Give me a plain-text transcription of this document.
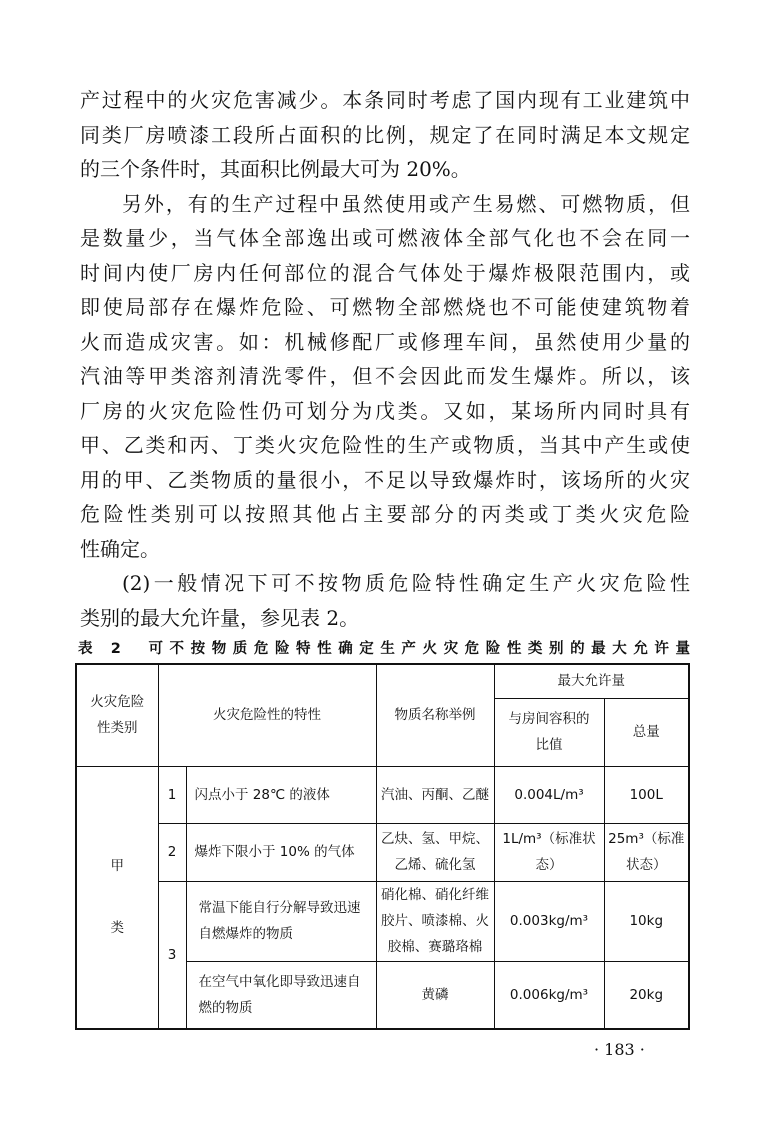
产过程中的火灾危害减少。本条同时考虑了国内现有工业建筑中
同类厂房喷漆工段所占面积的比例，规定了在同时满足本文规定
的三个条件时，其面积比例最大可为 20%。
另外，有的生产过程中虽然使用或产生易燃、可燃物质，但
是数量少，当气体全部逸出或可燃液体全部气化也不会在同一
时间内使厂房内任何部位的混合气体处于爆炸极限范围内，或
即使局部存在爆炸危险、可燃物全部燃烧也不可能使建筑物着
火而造成灾害。如：机械修配厂或修理车间，虽然使用少量的
汽油等甲类溶剂清洗零件，但不会因此而发生爆炸。所以，该
厂房的火灾危险性仍可划分为戊类。又如，某场所内同时具有
甲、乙类和丙、丁类火灾危险性的生产或物质，当其中产生或使
用的甲、乙类物质的量很小，不足以导致爆炸时，该场所的火灾
危险性类别可以按照其他占主要部分的丙类或丁类火灾危险
性确定。
(2)一般情况下可不按物质危险特性确定生产火灾危险性
类别的最大允许量，参见表 2。
表 2　可不按物质危险特性确定生产火灾危险性类别的最大允许量
火灾危险性类别	火灾危险性的特性		物质名称举例	最大允许量	
				与房间容积的比值	总量

甲
类	1	闪点小于 28℃ 的液体	汽油、丙酮、乙醚	0.004L/m³	100L
	2	爆炸下限小于 10% 的气体	乙炔、氢、甲烷、乙烯、硫化氢	1L/m³（标准状态）	25m³（标准状态）
	3	常温下能自行分解导致迅速自燃爆炸的物质	硝化棉、硝化纤维胶片、喷漆棉、火胶棉、赛璐珞棉	0.003kg/m³	10kg
		在空气中氧化即导致迅速自燃的物质	黄磷	0.006kg/m³	20kg
· 183 ·
